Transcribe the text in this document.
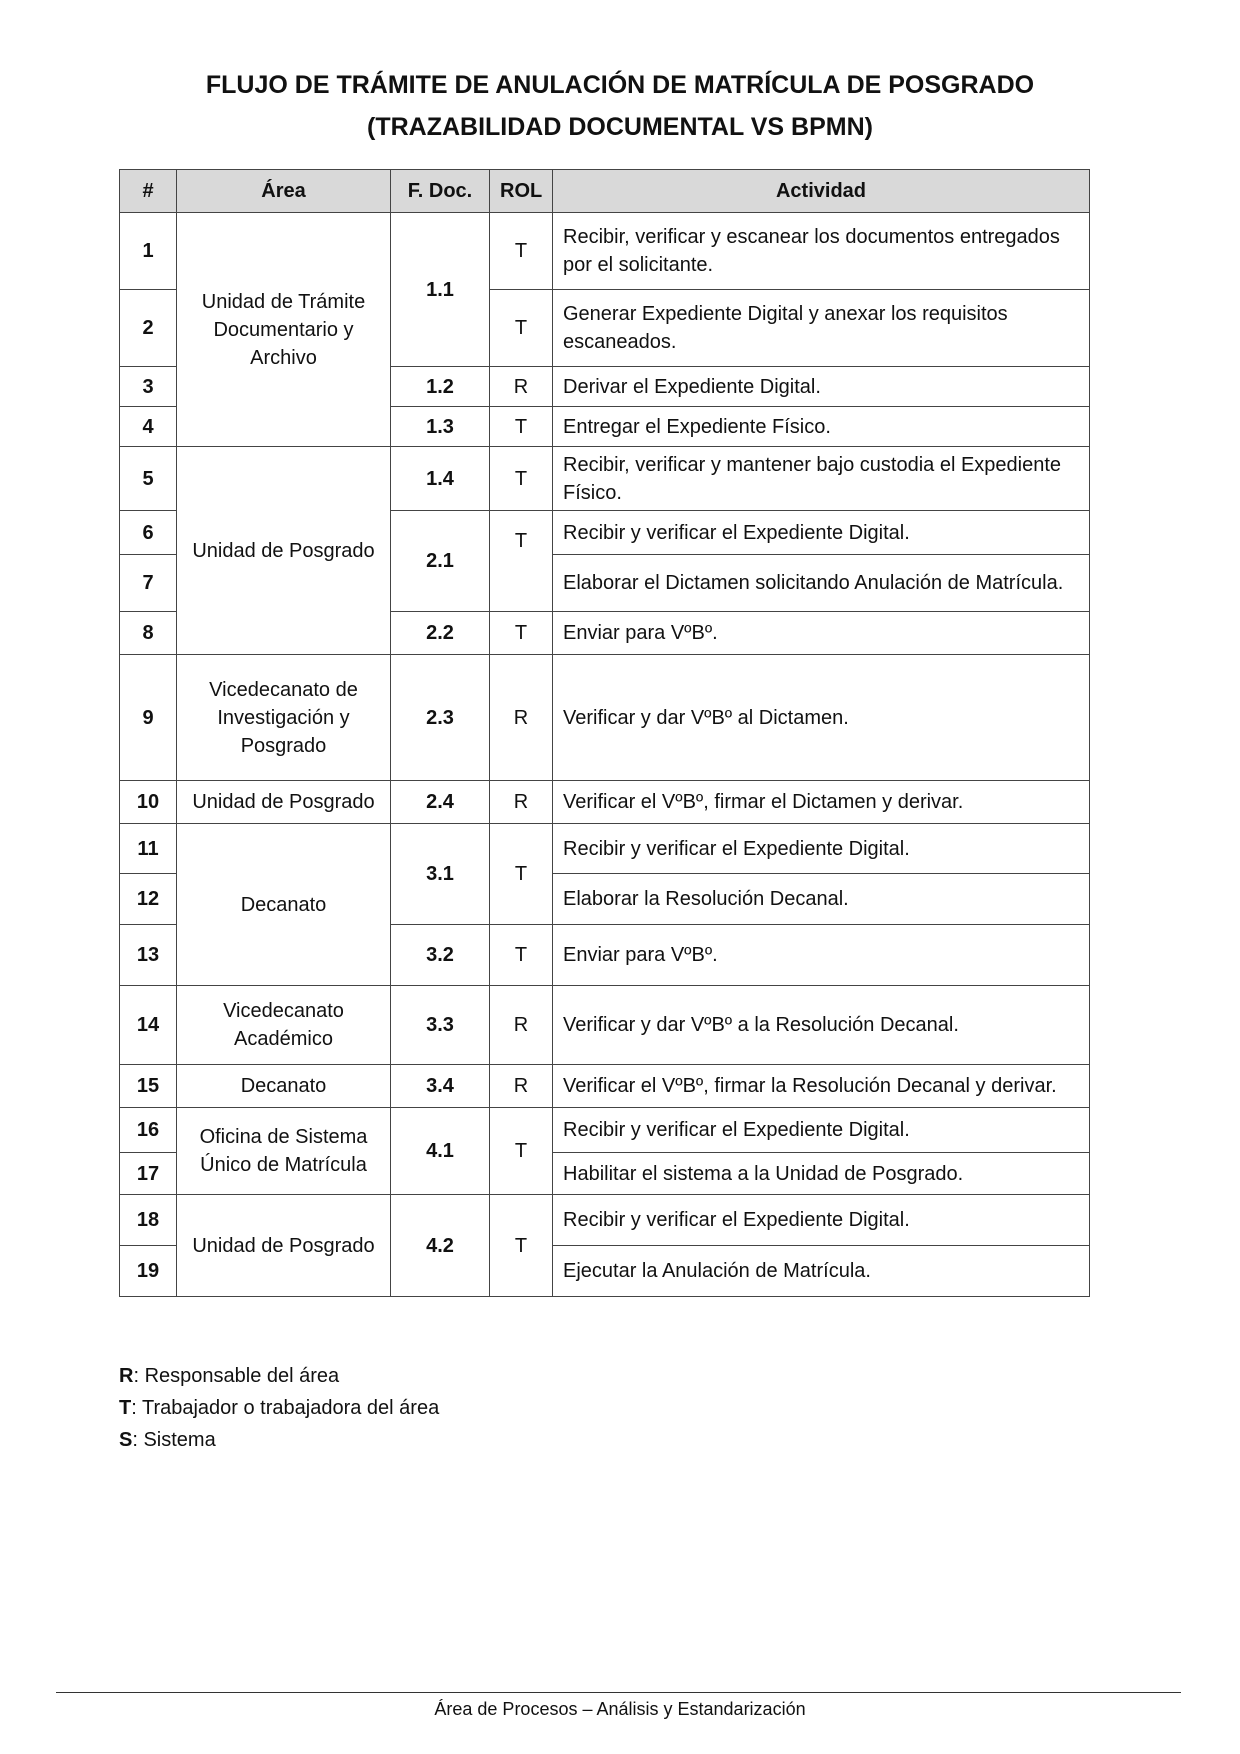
FLUJO DE TRÁMITE DE ANULACIÓN DE MATRÍCULA DE POSGRADO
(TRAZABILIDAD DOCUMENTAL VS BPMN)
#	Área	F. Doc.	ROL	Actividad
1	Unidad de Trámite Documentario y Archivo	1.1	T	Recibir, verificar y escanear los documentos entregados por el solicitante.
2			T	Generar Expediente Digital y anexar los requisitos escaneados.
3		1.2	R	Derivar el Expediente Digital.
4		1.3	T	Entregar el Expediente Físico.
5	Unidad de Posgrado	1.4	T	Recibir, verificar y mantener bajo custodia el Expediente Físico.
6		2.1	T	Recibir y verificar el Expediente Digital.
7				Elaborar el Dictamen solicitando Anulación de Matrícula.
8		2.2	T	Enviar para VºBº.
9	Vicedecanato de Investigación y Posgrado	2.3	R	Verificar y dar VºBº al Dictamen.
10	Unidad de Posgrado	2.4	R	Verificar el VºBº, firmar el Dictamen y derivar.
11	Decanato	3.1	T	Recibir y verificar el Expediente Digital.
12				Elaborar la Resolución Decanal.
13		3.2	T	Enviar para VºBº.
14	Vicedecanato Académico	3.3	R	Verificar y dar VºBº a la Resolución Decanal.
15	Decanato	3.4	R	Verificar el VºBº, firmar la Resolución Decanal y derivar.
16	Oficina de Sistema Único de Matrícula	4.1	T	Recibir y verificar el Expediente Digital.
17				Habilitar el sistema a la Unidad de Posgrado.
18	Unidad de Posgrado	4.2	T	Recibir y verificar el Expediente Digital.
19				Ejecutar la Anulación de Matrícula.
R: Responsable del área
T: Trabajador o trabajadora del área
S: Sistema
Área de Procesos – Análisis y Estandarización
